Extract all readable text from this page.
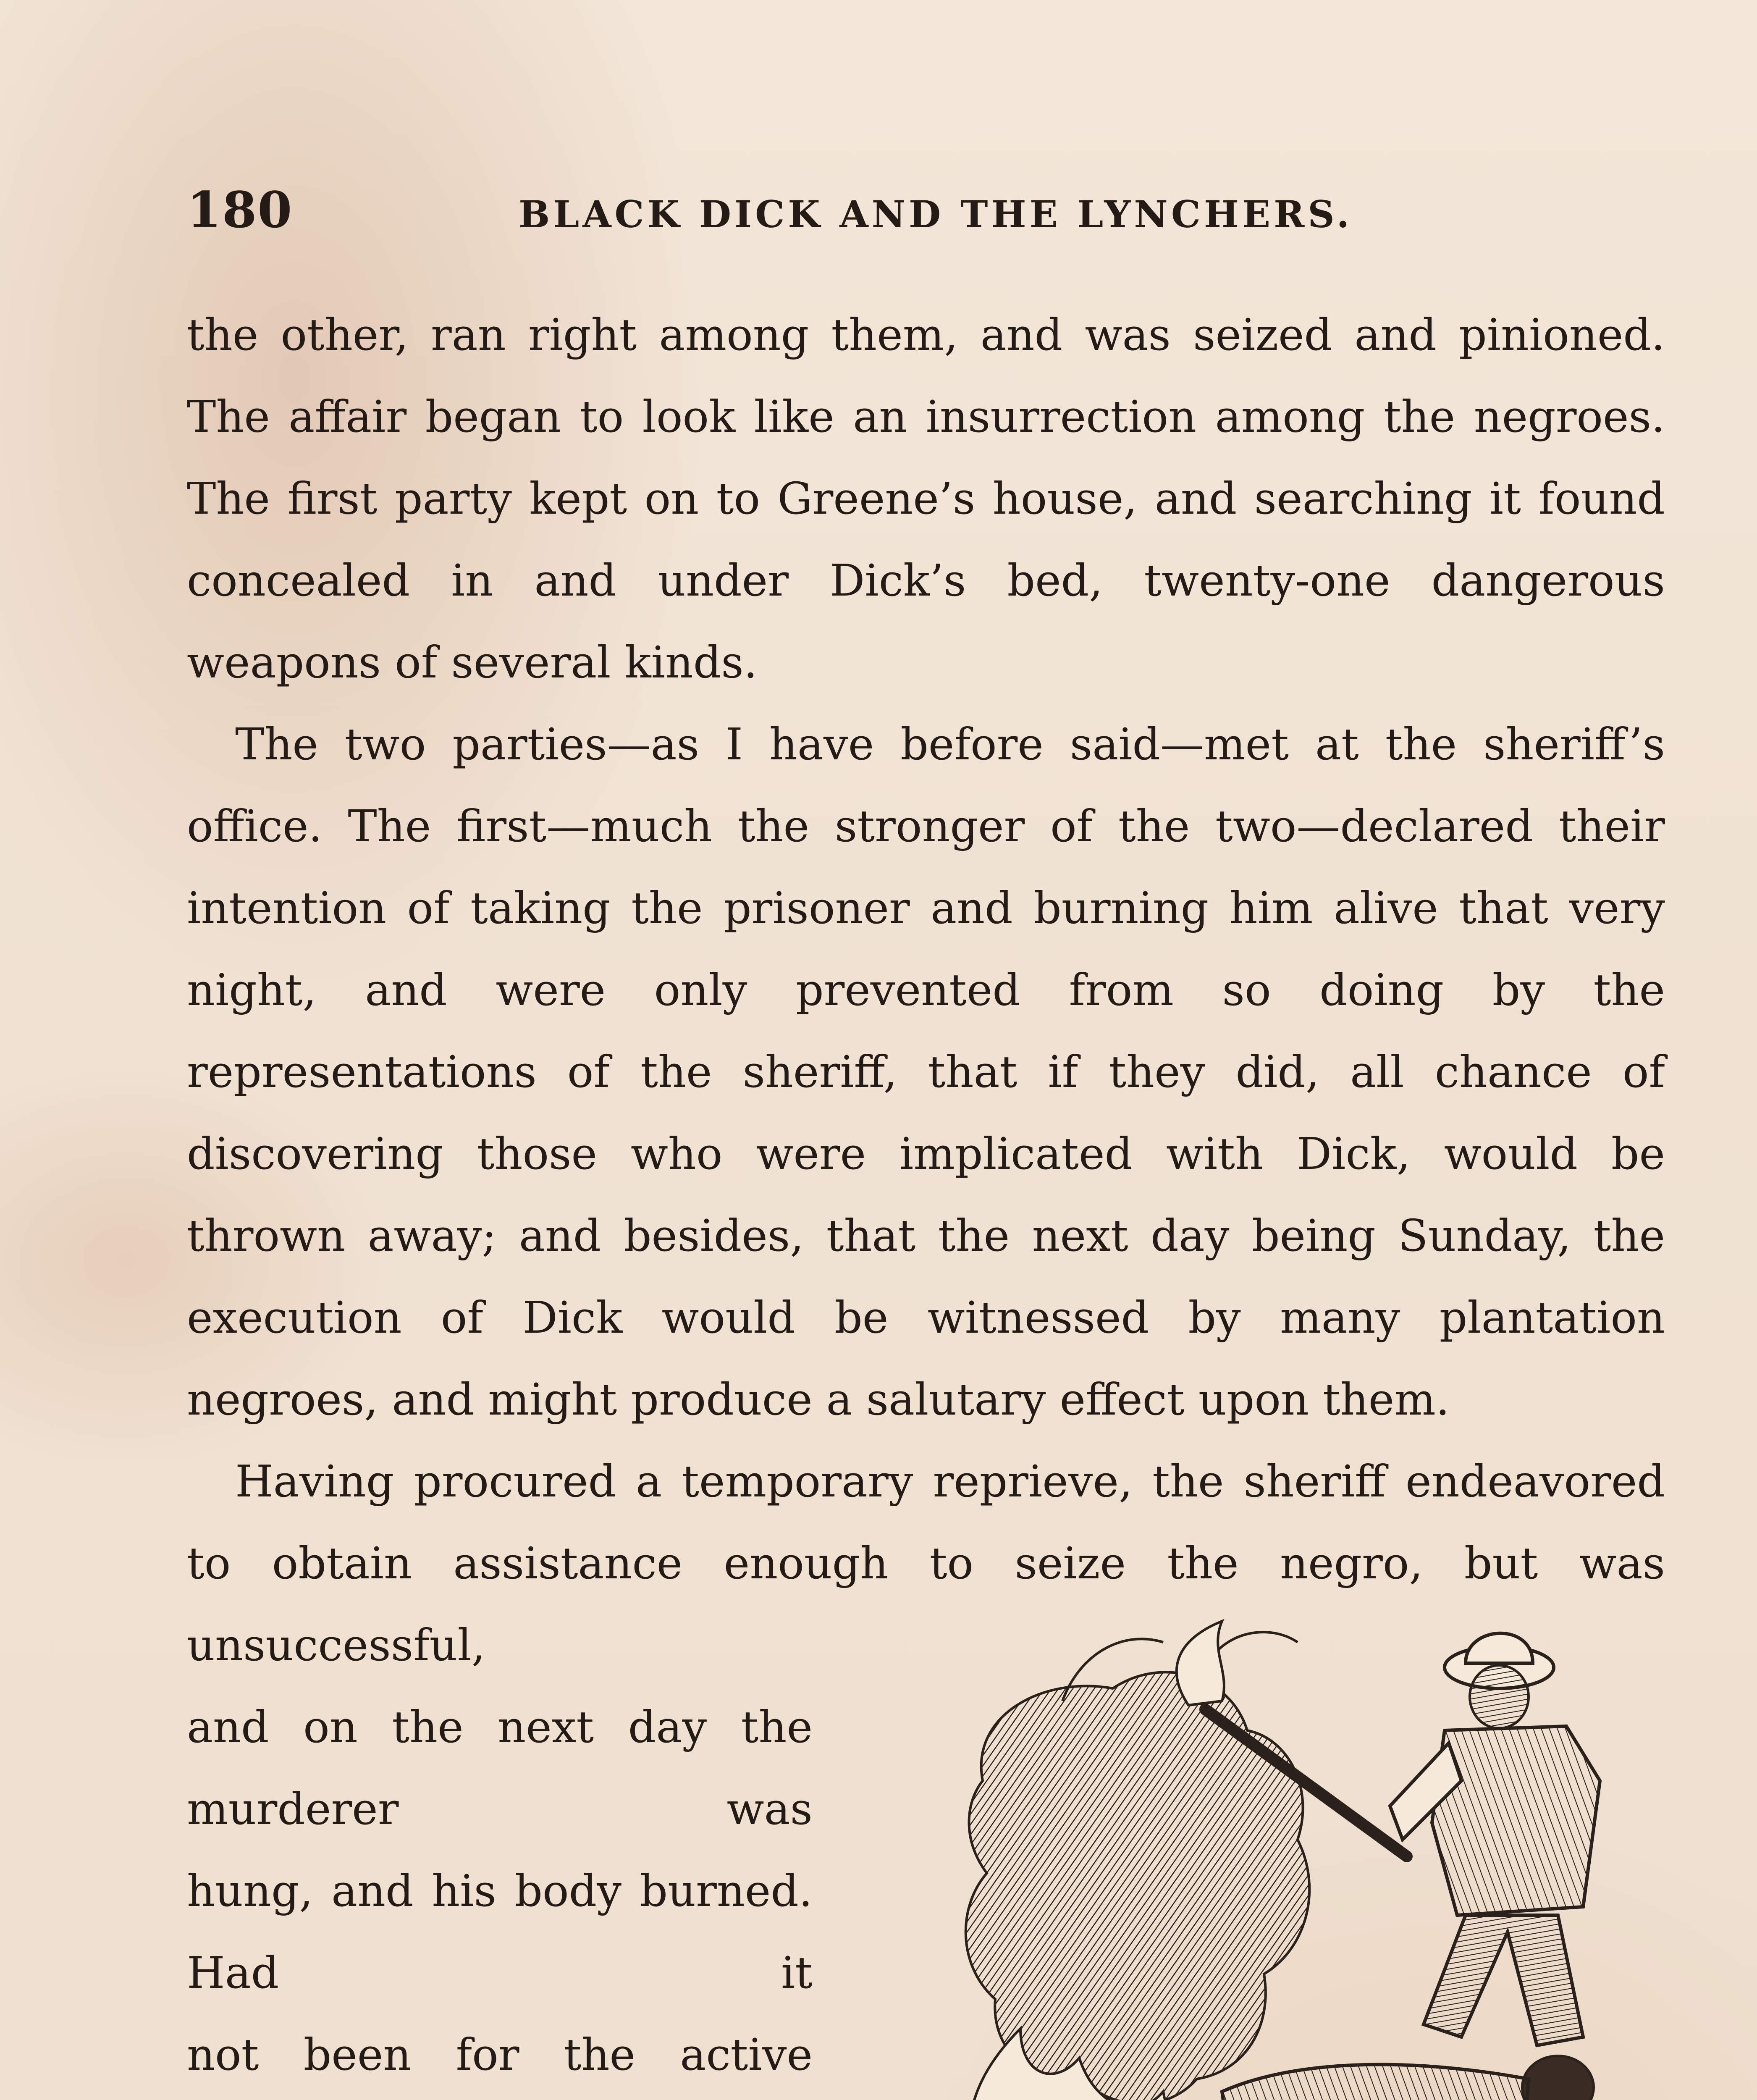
180	BLACK DICK AND THE LYNCHERS.

the other, ran right among them, and was seized and pinioned. The affair began to look like an insurrection among the negroes. The first party kept on to Greene’s house, and searching it found concealed in and under Dick’s bed, twenty-one dangerous weapons of several kinds.

The two parties—as I have before said—met at the sheriff’s office. The first—much the stronger of the two—declared their intention of taking the prisoner and burning him alive that very night, and were only prevented from so doing by the representations of the sheriff, that if they did, all chance of discovering those who were implicated with Dick, would be thrown away; and besides, that the next day being Sunday, the execution of Dick would be witnessed by many plantation negroes, and might produce a salutary effect upon them.

Having procured a temporary reprieve, the sheriff endeavored to obtain assistance enough to seize the negro, but was unsuccessful,

and on the next day the murderer was

hung, and his body burned. Had it

not been for the active
